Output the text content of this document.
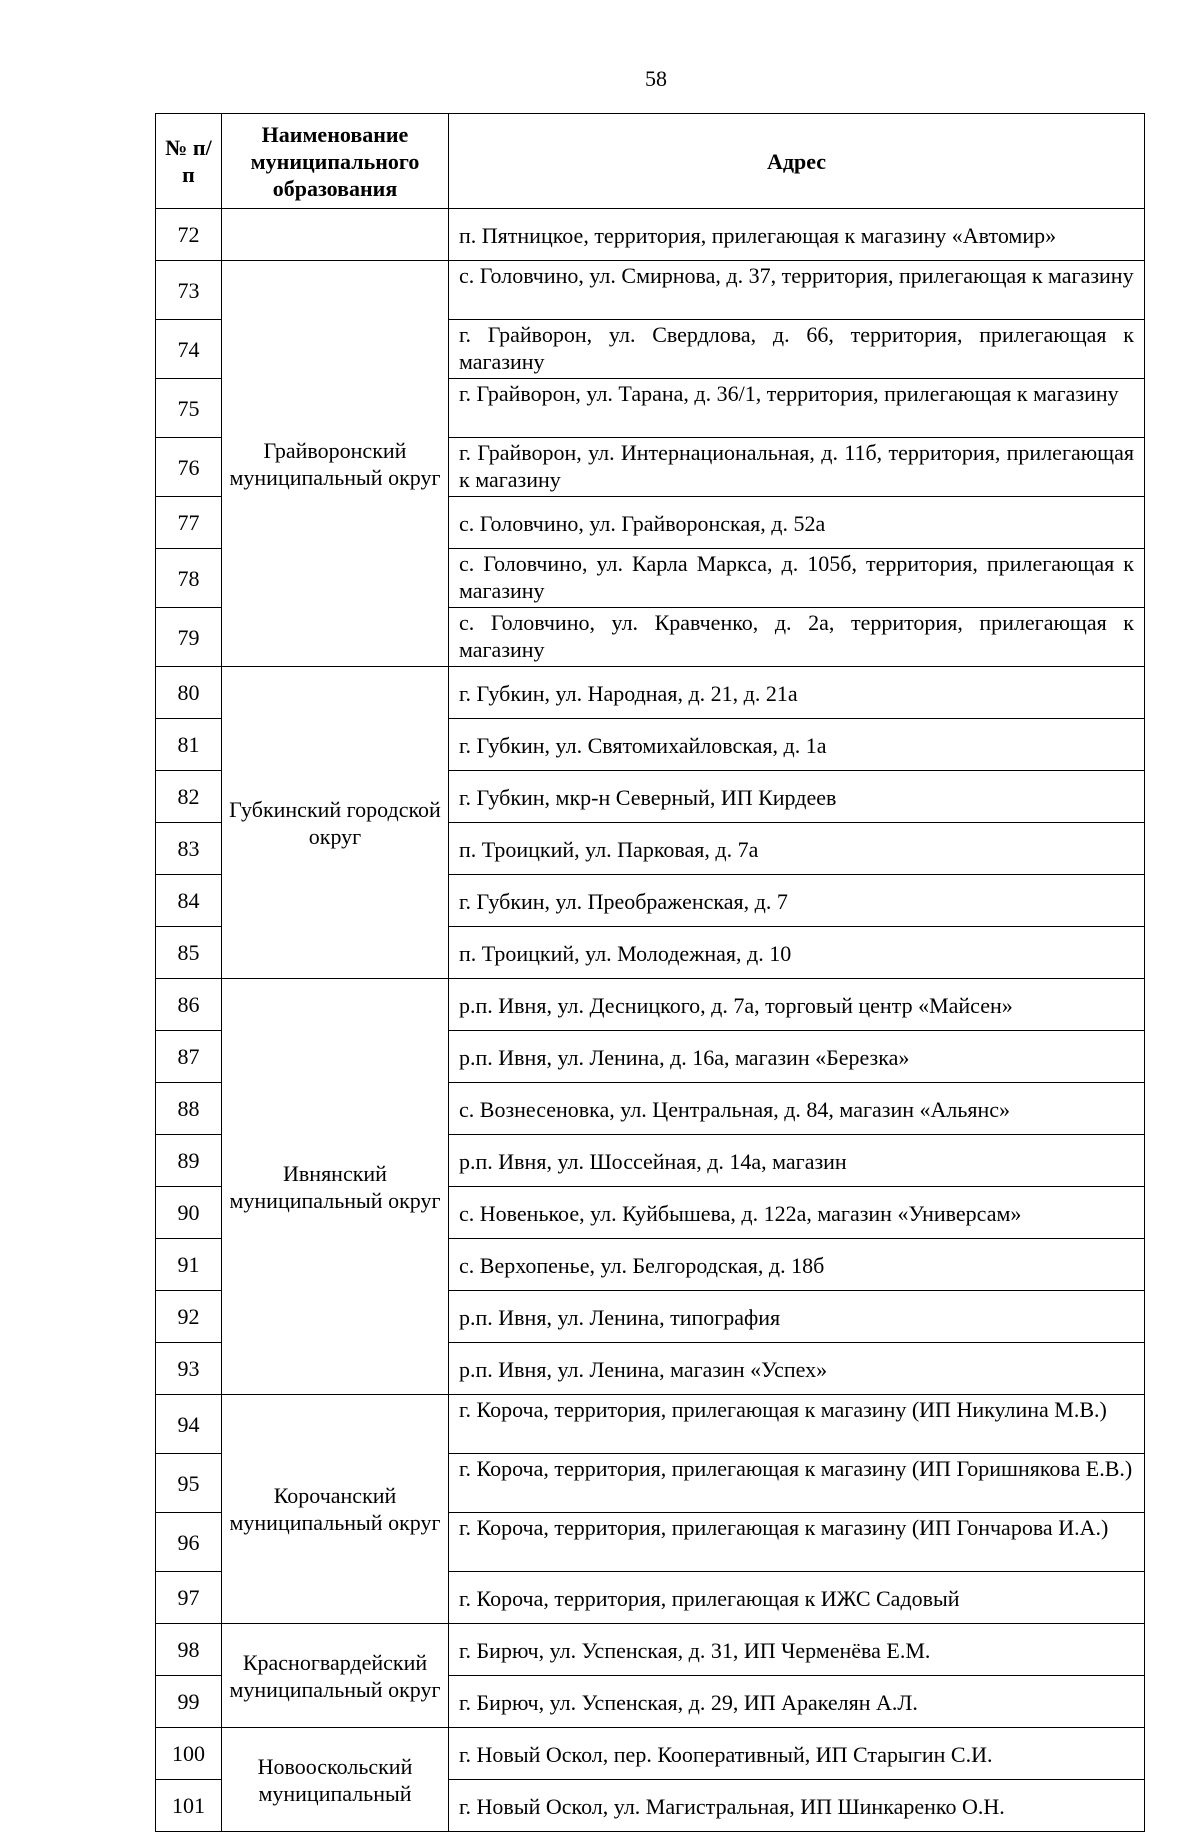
58
№ п/п	Наименование муниципального образования	Адрес
72		п. Пятницкое, территория, прилегающая к магазину «Автомир»
73	Грайворонский муниципальный округ	с. Головчино, ул. Смирнова, д. 37, территория, прилегающая к магазину
74		г. Грайворон, ул. Свердлова, д. 66, территория, прилегающая к магазину
75		г. Грайворон, ул. Тарана, д. 36/1, территория, прилегающая к магазину
76		г. Грайворон, ул. Интернациональная, д. 11б, территория, прилегающая к магазину
77		с. Головчино, ул. Грайворонская, д. 52а
78		с. Головчино, ул. Карла Маркса, д. 105б, территория, прилегающая к магазину
79		с. Головчино, ул. Кравченко, д. 2а, территория, прилегающая к магазину
80	Губкинский городской округ	г. Губкин, ул. Народная, д. 21, д. 21а
81		г. Губкин, ул. Святомихайловская, д. 1а
82		г. Губкин, мкр-н Северный, ИП Кирдеев
83		п. Троицкий, ул. Парковая, д. 7а
84		г. Губкин, ул. Преображенская, д. 7
85		п. Троицкий, ул. Молодежная, д. 10
86	Ивнянский муниципальный округ	р.п. Ивня, ул. Десницкого, д. 7а, торговый центр «Майсен»
87		р.п. Ивня, ул. Ленина, д. 16а, магазин «Березка»
88		с. Вознесеновка, ул. Центральная, д. 84, магазин «Альянс»
89		р.п. Ивня, ул. Шоссейная, д. 14а, магазин
90		с. Новенькое, ул. Куйбышева, д. 122а, магазин «Универсам»
91		с. Верхопенье, ул. Белгородская, д. 18б
92		р.п. Ивня, ул. Ленина, типография
93		р.п. Ивня, ул. Ленина, магазин «Успех»
94	Корочанский муниципальный округ	г. Короча, территория, прилегающая к магазину (ИП Никулина М.В.)
95		г. Короча, территория, прилегающая к магазину (ИП Горишнякова Е.В.)
96		г. Короча, территория, прилегающая к магазину (ИП Гончарова И.А.)
97		г. Короча, территория, прилегающая к ИЖС Садовый
98	Красногвардейский муниципальный округ	г. Бирюч, ул. Успенская, д. 31, ИП Черменёва Е.М.
99		г. Бирюч, ул. Успенская, д. 29, ИП Аракелян А.Л.
100	Новооскольский муниципальный	г. Новый Оскол, пер. Кооперативный, ИП Старыгин С.И.
101		г. Новый Оскол, ул. Магистральная, ИП Шинкаренко О.Н.
